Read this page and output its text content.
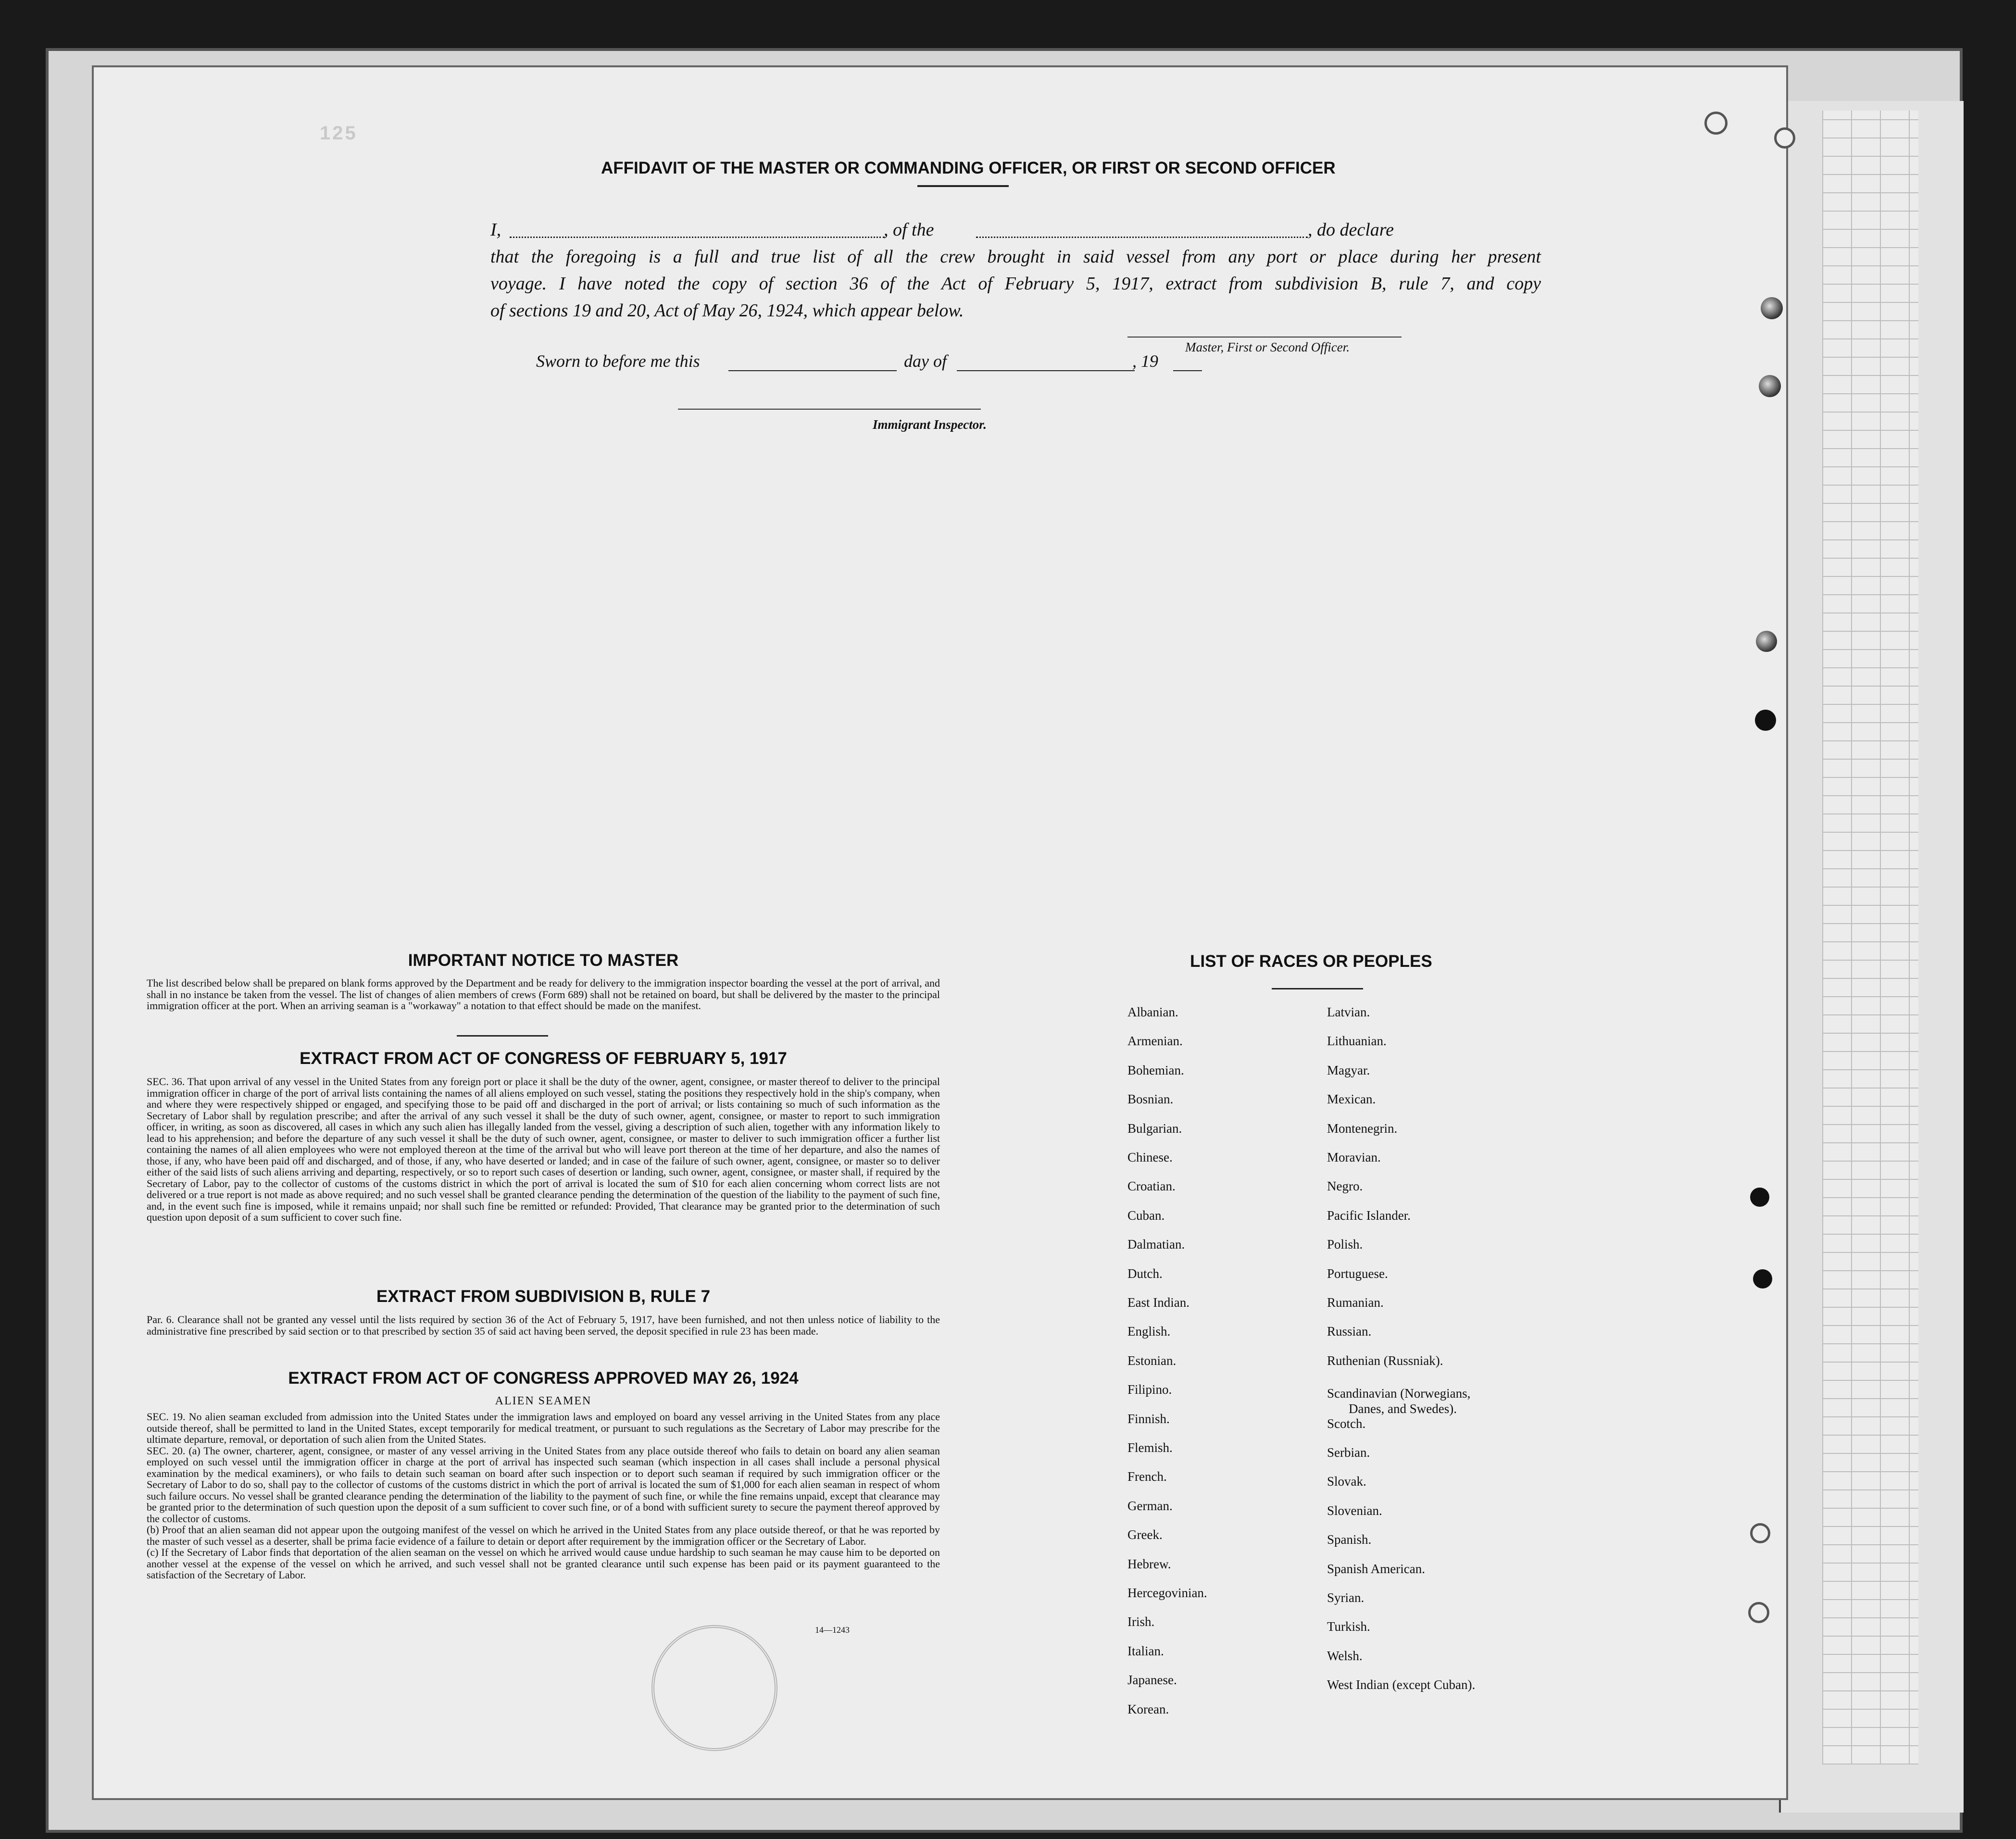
125
AFFIDAVIT OF THE MASTER OR COMMANDING OFFICER, OR FIRST OR SECOND OFFICER
I,	, of the	, do declare

that the foregoing is a full and true list of all the crew brought in said vessel from any port or place during her present

voyage. I have noted the copy of section 36 of the Act of February 5, 1917, extract from subdivision B, rule 7, and copy

of sections 19 and 20, Act of May 26, 1924, which appear below.

Master, First or Second Officer.
Sworn to before me this	day of	, 19
Immigrant Inspector.
IMPORTANT NOTICE TO MASTER

The list described below shall be prepared on blank forms approved by the Department and be ready for delivery to the immigration inspector boarding the vessel at the port of arrival, and shall in no instance be taken from the vessel. The list of changes of alien members of crews (Form 689) shall not be retained on board, but shall be delivered by the master to the principal immigration officer at the port. When an arriving seaman is a "workaway" a notation to that effect should be made on the manifest.

EXTRACT FROM ACT OF CONGRESS OF FEBRUARY 5, 1917

SEC. 36. That upon arrival of any vessel in the United States from any foreign port or place it shall be the duty of the owner, agent, consignee, or master thereof to deliver to the principal immigration officer in charge of the port of arrival lists containing the names of all aliens employed on such vessel, stating the positions they respectively hold in the ship's company, when and where they were respectively shipped or engaged, and specifying those to be paid off and discharged in the port of arrival; or lists containing so much of such information as the Secretary of Labor shall by regulation prescribe; and after the arrival of any such vessel it shall be the duty of such owner, agent, consignee, or master to report to such immigration officer, in writing, as soon as discovered, all cases in which any such alien has illegally landed from the vessel, giving a description of such alien, together with any information likely to lead to his apprehension; and before the departure of any such vessel it shall be the duty of such owner, agent, consignee, or master to deliver to such immigration officer a further list containing the names of all alien employees who were not employed thereon at the time of the arrival but who will leave port thereon at the time of her departure, and also the names of those, if any, who have been paid off and discharged, and of those, if any, who have deserted or landed; and in case of the failure of such owner, agent, consignee, or master so to deliver either of the said lists of such aliens arriving and departing, respectively, or so to report such cases of desertion or landing, such owner, agent, consignee, or master shall, if required by the Secretary of Labor, pay to the collector of customs of the customs district in which the port of arrival is located the sum of $10 for each alien concerning whom correct lists are not delivered or a true report is not made as above required; and no such vessel shall be granted clearance pending the determination of the question of the liability to the payment of such fine, and, in the event such fine is imposed, while it remains unpaid; nor shall such fine be remitted or refunded: Provided, That clearance may be granted prior to the determination of such question upon deposit of a sum sufficient to cover such fine.

EXTRACT FROM SUBDIVISION B, RULE 7

Par. 6. Clearance shall not be granted any vessel until the lists required by section 36 of the Act of February 5, 1917, have been furnished, and not then unless notice of liability to the administrative fine prescribed by said section or to that prescribed by section 35 of said act having been served, the deposit specified in rule 23 has been made.

EXTRACT FROM ACT OF CONGRESS APPROVED MAY 26, 1924
ALIEN SEAMEN

SEC. 19. No alien seaman excluded from admission into the United States under the immigration laws and employed on board any vessel arriving in the United States from any place outside thereof, shall be permitted to land in the United States, except temporarily for medical treatment, or pursuant to such regulations as the Secretary of Labor may prescribe for the ultimate departure, removal, or deportation of such alien from the United States.

SEC. 20. (a) The owner, charterer, agent, consignee, or master of any vessel arriving in the United States from any place outside thereof who fails to detain on board any alien seaman employed on such vessel until the immigration officer in charge at the port of arrival has inspected such seaman (which inspection in all cases shall include a personal physical examination by the medical examiners), or who fails to detain such seaman on board after such inspection or to deport such seaman if required by such immigration officer or the Secretary of Labor to do so, shall pay to the collector of customs of the customs district in which the port of arrival is located the sum of $1,000 for each alien seaman in respect of whom such failure occurs. No vessel shall be granted clearance pending the determination of the liability to the payment of such fine, or while the fine remains unpaid, except that clearance may be granted prior to the determination of such question upon the deposit of a sum sufficient to cover such fine, or of a bond with sufficient surety to secure the payment thereof approved by the collector of customs.

(b) Proof that an alien seaman did not appear upon the outgoing manifest of the vessel on which he arrived in the United States from any place outside thereof, or that he was reported by the master of such vessel as a deserter, shall be prima facie evidence of a failure to detain or deport after requirement by the immigration officer or the Secretary of Labor.

(c) If the Secretary of Labor finds that deportation of the alien seaman on the vessel on which he arrived would cause undue hardship to such seaman he may cause him to be deported on another vessel at the expense of the vessel on which he arrived, and such vessel shall not be granted clearance until such expense has been paid or its payment guaranteed to the satisfaction of the Secretary of Labor.

14—1243
LIST OF RACES OR PEOPLES
Albanian.
Armenian.
Bohemian.
Bosnian.
Bulgarian.
Chinese.
Croatian.
Cuban.
Dalmatian.
Dutch.
East Indian.
English.
Estonian.
Filipino.
Finnish.
Flemish.
French.
German.
Greek.
Hebrew.
Hercegovinian.
Irish.
Italian.
Japanese.
Korean.
Latvian.
Lithuanian.
Magyar.
Mexican.
Montenegrin.
Moravian.
Negro.
Pacific Islander.
Polish.
Portuguese.
Rumanian.
Russian.
Ruthenian (Russniak).
Scandinavian (Norwegians,
Danes, and Swedes).
Scotch.
Serbian.
Slovak.
Slovenian.
Spanish.
Spanish American.
Syrian.
Turkish.
Welsh.
West Indian (except Cuban).
